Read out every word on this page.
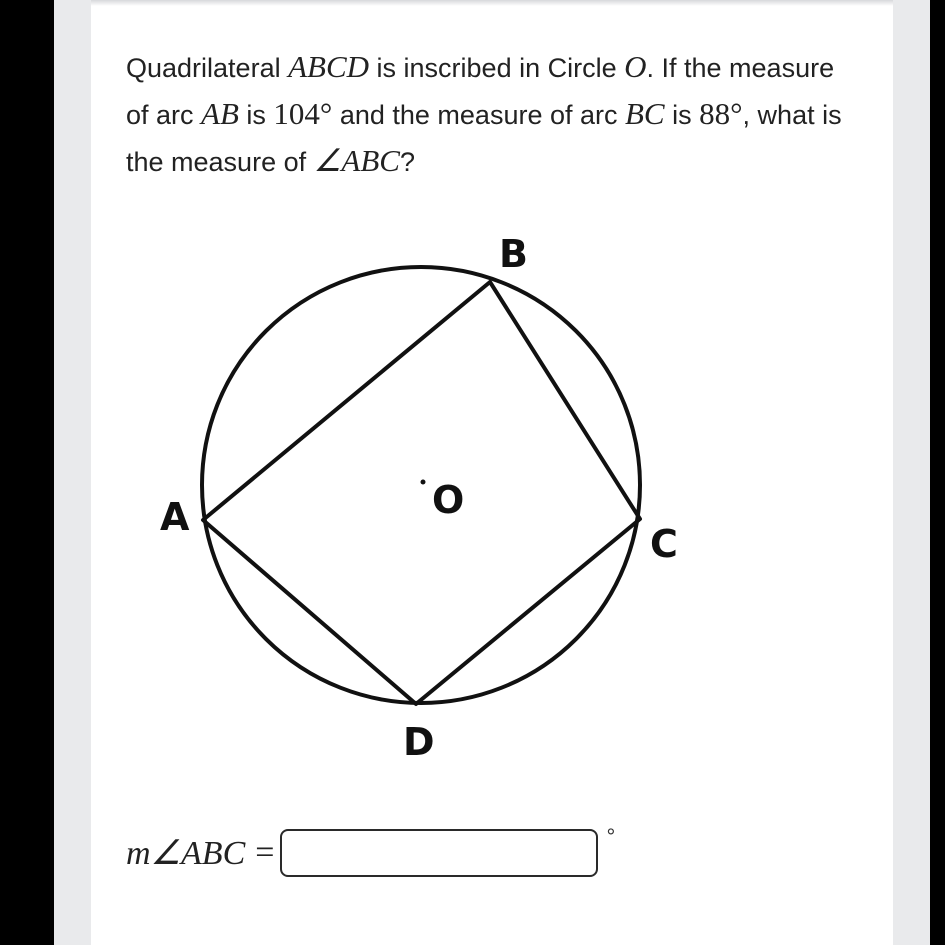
Quadrilateral ABCD is inscribed in Circle O. If the measure of arc AB is 104° and the measure of arc BC is 88°, what is the measure of ∠ABC?

B
A	O
C
D
m∠ABC =	°
